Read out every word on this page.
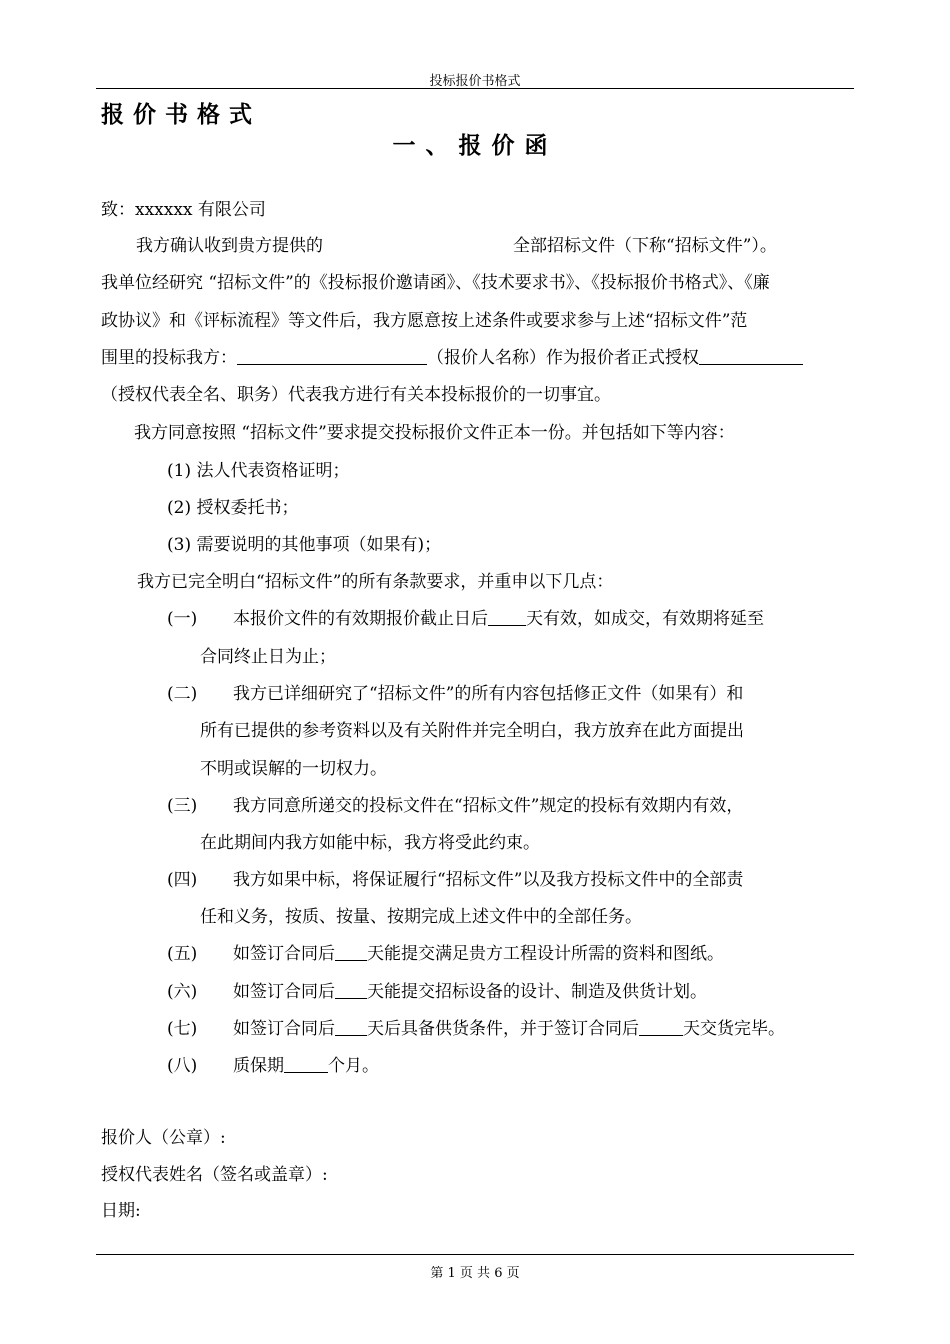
投标报价书格式
报价书格式
一、报价函
致：xxxxxx 有限公司
我方确认收到贵方提供的	全部招标文件（下称“招标文件”）。
我单位经研究 “招标文件”的《投标报价邀请函》、《技术要求书》、《投标报价书格式》、《廉
政协议》和《评标流程》等文件后，我方愿意按上述条件或要求参与上述“招标文件”范
围里的投标我方：	（报价人名称）作为报价者正式授权
（授权代表全名、职务）代表我方进行有关本投标报价的一切事宜。
我方同意按照 “招标文件”要求提交投标报价文件正本一份。并包括如下等内容：
(1) 法人代表资格证明；
(2) 授权委托书；
(3) 需要说明的其他事项（如果有)；
我方已完全明白“招标文件”的所有条款要求，并重申以下几点：
(一) 本报价文件的有效期报价截止日后 天有效，如成交，有效期将延至
合同终止日为止；
(二) 我方已详细研究了“招标文件”的所有内容包括修正文件（如果有）和
所有已提供的参考资料以及有关附件并完全明白，我方放弃在此方面提出
不明或误解的一切权力。
(三) 我方同意所递交的投标文件在“招标文件”规定的投标有效期内有效，
在此期间内我方如能中标，我方将受此约束。
(四) 我方如果中标，将保证履行“招标文件”以及我方投标文件中的全部责
任和义务，按质、按量、按期完成上述文件中的全部任务。
(五) 如签订合同后 天能提交满足贵方工程设计所需的资料和图纸。
(六) 如签订合同后 天能提交招标设备的设计、制造及供货计划。
(七) 如签订合同后 天后具备供货条件，并于签订合同后	天交货完毕。
(八) 质保期	个月。
报价人（公章）:
授权代表姓名（签名或盖章）:
日期:
第 1 页 共 6 页
